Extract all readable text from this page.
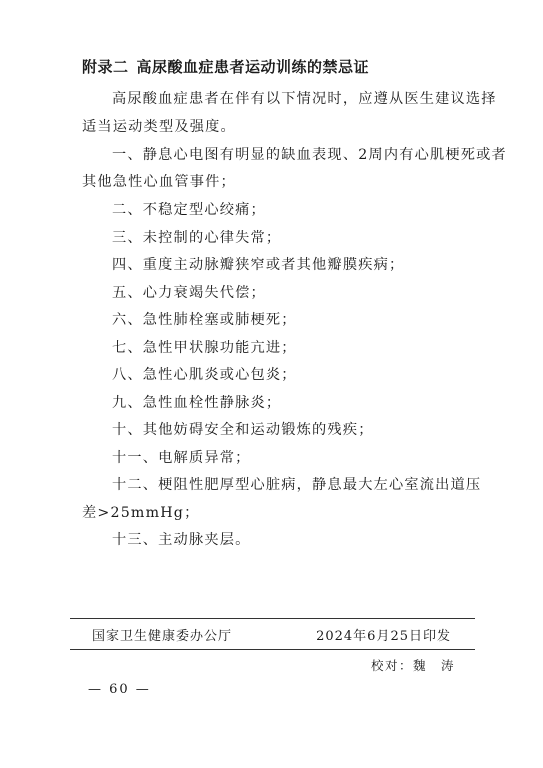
附录二 高尿酸血症患者运动训练的禁忌证
高尿酸血症患者在伴有以下情况时，应遵从医生建议选择
适当运动类型及强度。
一、静息心电图有明显的缺血表现、2周内有心肌梗死或者
其他急性心血管事件；
二、不稳定型心绞痛；
三、未控制的心律失常；
四、重度主动脉瓣狭窄或者其他瓣膜疾病；
五、心力衰竭失代偿；
六、急性肺栓塞或肺梗死；
七、急性甲状腺功能亢进；
八、急性心肌炎或心包炎；
九、急性血栓性静脉炎；
十、其他妨碍安全和运动锻炼的残疾；
十一、电解质异常；
十二、梗阻性肥厚型心脏病，静息最大左心室流出道压
差>25mmHg；
十三、主动脉夹层。
国家卫生健康委办公厅	2024年6月25日印发
校对：魏　涛
— 60 —
